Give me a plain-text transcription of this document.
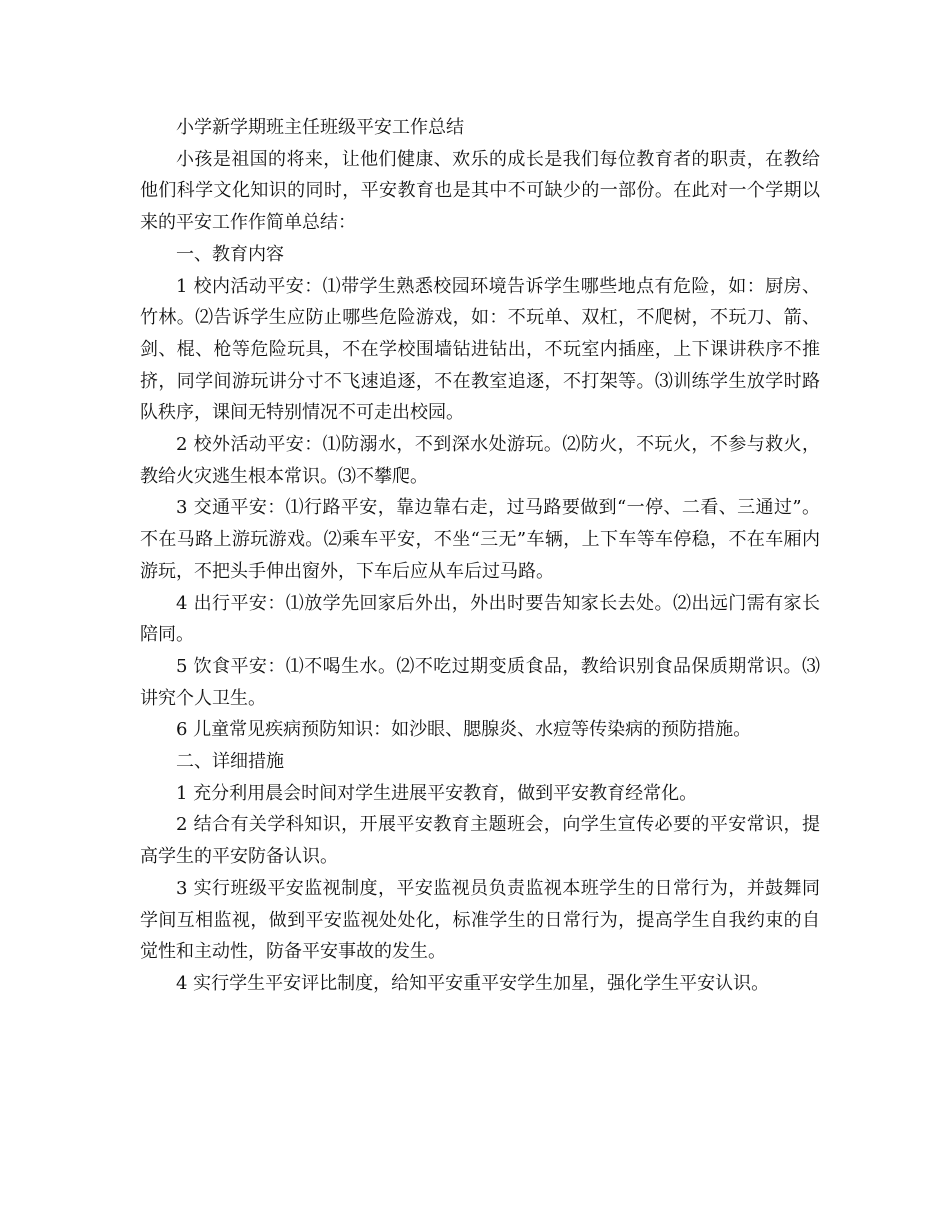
小学新学期班主任班级平安工作总结

小孩是祖国的将来，让他们健康、欢乐的成长是我们每位教育者的职责，在教给他们科学文化知识的同时，平安教育也是其中不可缺少的一部份。在此对一个学期以来的平安工作作简单总结：

一、教育内容

1 校内活动平安：⑴带学生熟悉校园环境告诉学生哪些地点有危险，如：厨房、竹林。⑵告诉学生应防止哪些危险游戏，如：不玩单、双杠，不爬树，不玩刀、箭、剑、棍、枪等危险玩具，不在学校围墙钻进钻出，不玩室内插座，上下课讲秩序不推挤，同学间游玩讲分寸不飞速追逐，不在教室追逐，不打架等。⑶训练学生放学时路队秩序，课间无特别情况不可走出校园。

2 校外活动平安：⑴防溺水，不到深水处游玩。⑵防火，不玩火，不参与救火，教给火灾逃生根本常识。⑶不攀爬。

3 交通平安：⑴行路平安，靠边靠右走，过马路要做到“一停、二看、三通过”。不在马路上游玩游戏。⑵乘车平安，不坐“三无”车辆，上下车等车停稳，不在车厢内游玩，不把头手伸出窗外，下车后应从车后过马路。

4 出行平安：⑴放学先回家后外出，外出时要告知家长去处。⑵出远门需有家长陪同。

5 饮食平安：⑴不喝生水。⑵不吃过期变质食品，教给识别食品保质期常识。⑶讲究个人卫生。

6 儿童常见疾病预防知识：如沙眼、腮腺炎、水痘等传染病的预防措施。

二、详细措施

1 充分利用晨会时间对学生进展平安教育，做到平安教育经常化。

2 结合有关学科知识，开展平安教育主题班会，向学生宣传必要的平安常识，提高学生的平安防备认识。

3 实行班级平安监视制度，平安监视员负责监视本班学生的日常行为，并鼓舞同学间互相监视，做到平安监视处处化，标准学生的日常行为，提高学生自我约束的自觉性和主动性，防备平安事故的发生。

4 实行学生平安评比制度，给知平安重平安学生加星，强化学生平安认识。
